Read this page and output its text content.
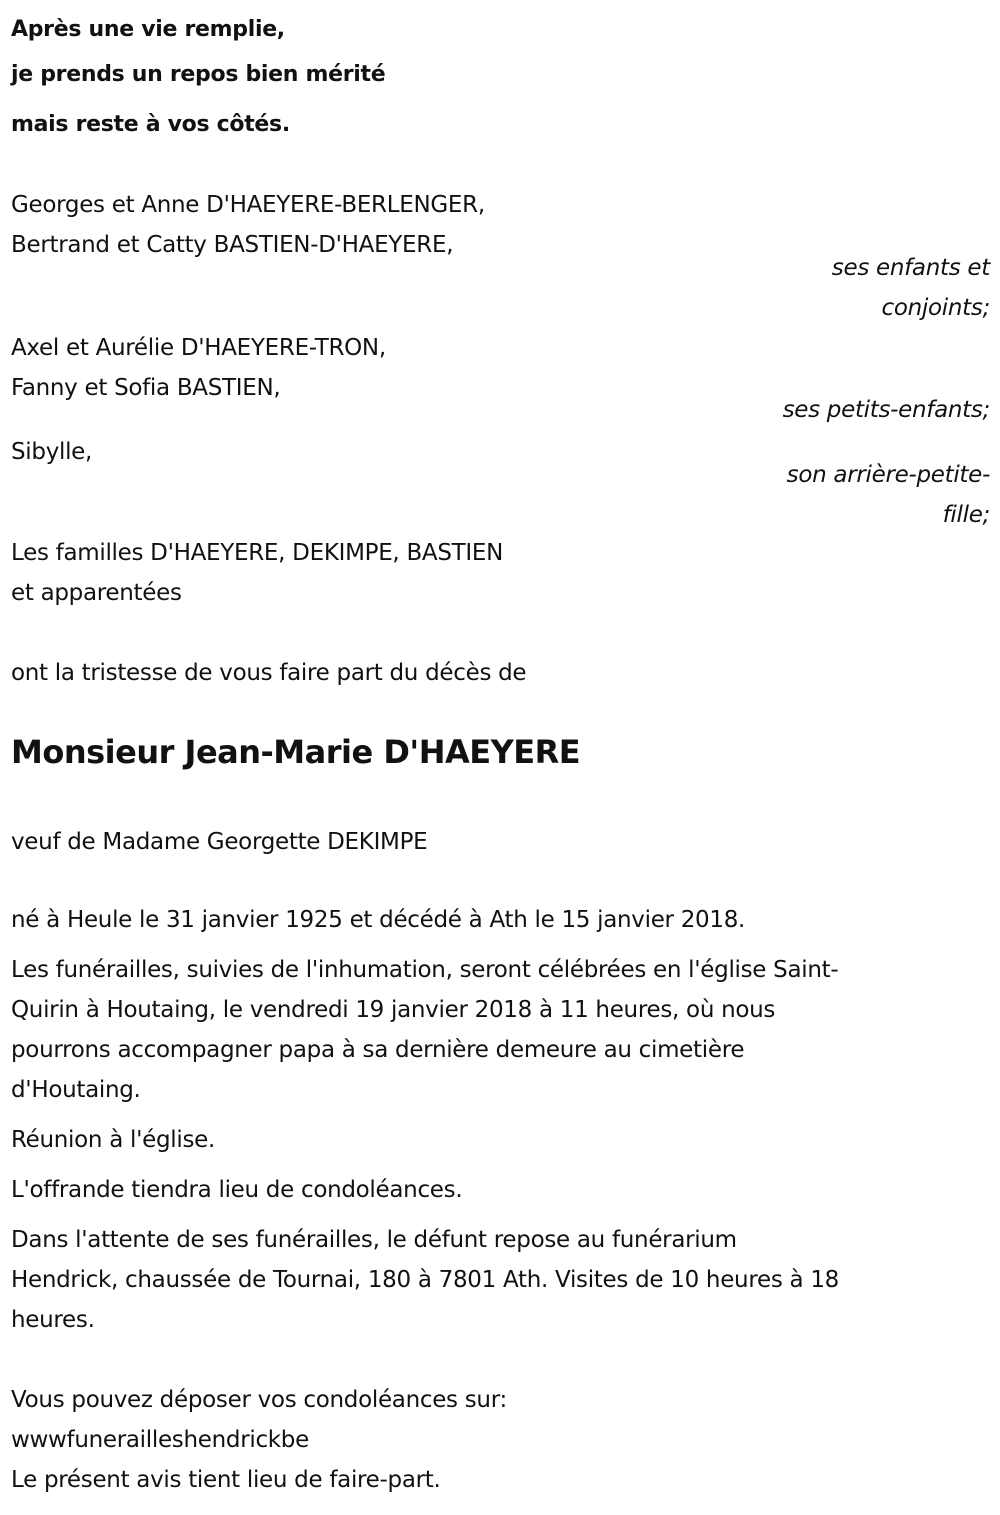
Après une vie remplie,
je prends un repos bien mérité
mais reste à vos côtés.
Georges et Anne D'HAEYERE-BERLENGER,
Bertrand et Catty BASTIEN-D'HAEYERE,
ses enfants et
conjoints;
Axel et Aurélie D'HAEYERE-TRON,
Fanny et Sofia BASTIEN,
ses petits-enfants;
Sibylle,
son arrière-petite-
fille;
Les familles D'HAEYERE, DEKIMPE, BASTIEN
et apparentées
ont la tristesse de vous faire part du décès de
Monsieur Jean-Marie D'HAEYERE
veuf de Madame Georgette DEKIMPE
né à Heule le 31 janvier 1925 et décédé à Ath le 15 janvier 2018.
Les funérailles, suivies de l'inhumation, seront célébrées en l'église Saint-
Quirin à Houtaing, le vendredi 19 janvier 2018 à 11 heures, où nous
pourrons accompagner papa à sa dernière demeure au cimetière
d'Houtaing.
Réunion à l'église.
L'offrande tiendra lieu de condoléances.
Dans l'attente de ses funérailles, le défunt repose au funérarium
Hendrick, chaussée de Tournai, 180 à 7801 Ath. Visites de 10 heures à 18
heures.
Vous pouvez déposer vos condoléances sur:
wwwfunerailleshendrickbe
Le présent avis tient lieu de faire-part.
